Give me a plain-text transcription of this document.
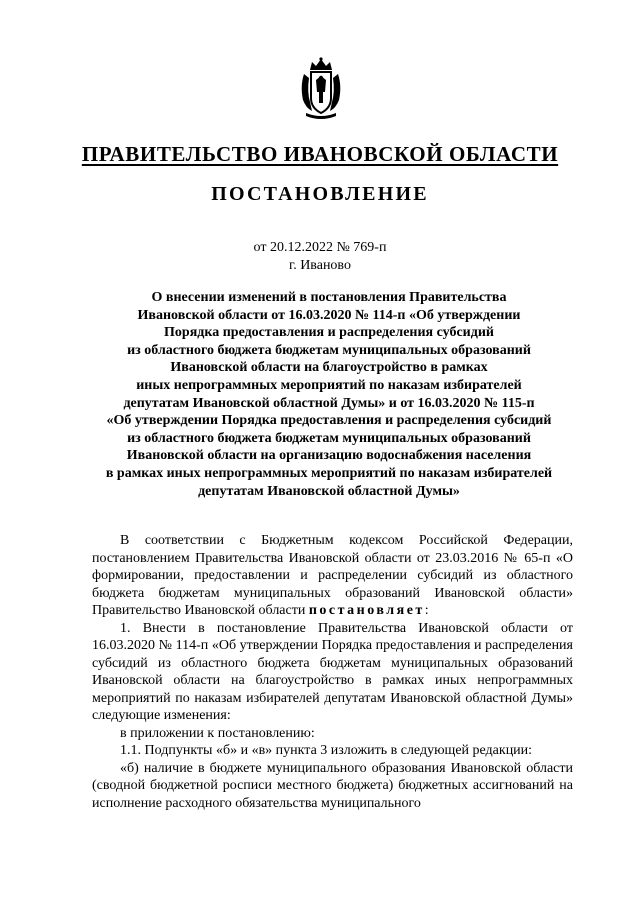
ПРАВИТЕЛЬСТВО ИВАНОВСКОЙ ОБЛАСТИ
ПОСТАНОВЛЕНИЕ
от 20.12.2022 № 769-п
г. Иваново
О внесении изменений в постановления Правительства
Ивановской области от 16.03.2020 № 114-п «Об утверждении
Порядка предоставления и распределения субсидий
из областного бюджета бюджетам муниципальных образований
Ивановской области на благоустройство в рамках
иных непрограммных мероприятий по наказам избирателей
депутатам Ивановской областной Думы» и от 16.03.2020 № 115-п
«Об утверждении Порядка предоставления и распределения субсидий
из областного бюджета бюджетам муниципальных образований
Ивановской области на организацию водоснабжения населения
в рамках иных непрограммных мероприятий по наказам избирателей
депутатам Ивановской областной Думы»

В соответствии с Бюджетным кодексом Российской Федерации, постановлением Правительства Ивановской области от 23.03.2016 № 65-п «О формировании, предоставлении и распределении субсидий из областного бюджета бюджетам муниципальных образований Ивановской области» Правительство Ивановской области постановляет:

1. Внести в постановление Правительства Ивановской области от 16.03.2020 № 114-п «Об утверждении Порядка предоставления и распределения субсидий из областного бюджета бюджетам муниципальных образований Ивановской области на благоустройство в рамках иных непрограммных мероприятий по наказам избирателей депутатам Ивановской областной Думы» следующие изменения:

в приложении к постановлению:

1.1. Подпункты «б» и «в» пункта 3 изложить в следующей редакции:

«б) наличие в бюджете муниципального образования Ивановской области (сводной бюджетной росписи местного бюджета) бюджетных ассигнований на исполнение расходного обязательства муниципального
